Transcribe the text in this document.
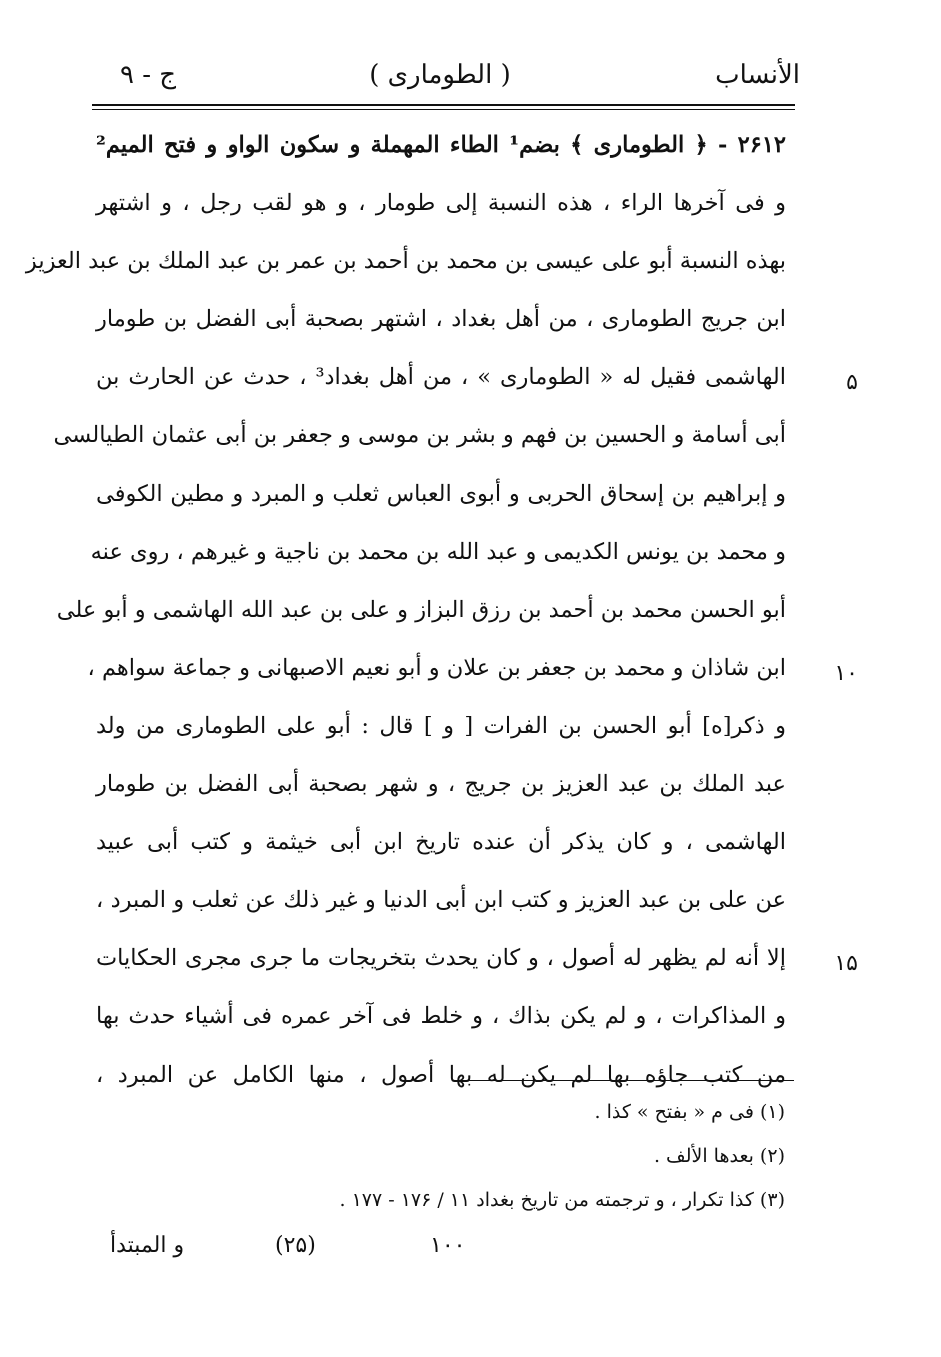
الأنساب
( الطوماری )
ج - ۹
۲۶۱۲ - ﴿ الطوماری ﴾ بضم¹ الطاء المهملة و سکون الواو و فتح المیم²
و فی آخرها الراء ، هذه النسبة إلی طومار ، و هو لقب رجل ، و اشتهر
بهذه النسبة أبو علی عیسی بن محمد بن أحمد بن عمر بن عبد الملك بن عبد العزیز
ابن جریج الطوماری ، من أهل بغداد ، اشتهر بصحبة أبی الفضل بن طومار
الهاشمی فقیل له « الطوماری » ، من أهل بغداد³ ، حدث عن الحارث بن	۵
أبی أسامة و الحسین بن فهم و بشر بن موسی و جعفر بن أبی عثمان الطیالسی
و إبراهیم بن إسحاق الحربی و أبوی العباس ثعلب و المبرد و مطین الکوفی
و محمد بن یونس الکدیمی و عبد الله بن محمد بن ناجیة و غیرهم ، روی عنه
أبو الحسن محمد بن أحمد بن رزق البزاز و علی بن عبد الله الهاشمی و أبو علی
ابن شاذان و محمد بن جعفر بن علان و أبو نعیم الاصبهانی و جماعة سواهم ، ۱۰
و ذکر[ه] أبو الحسن بن الفرات [ و ] قال : أبو علی الطوماری من ولد
عبد الملك بن عبد العزیز بن جریج ، و شهر بصحبة أبی الفضل بن طومار
الهاشمی ، و کان یذکر أن عنده تاریخ ابن أبی خیثمة و کتب أبی عبید
عن علی بن عبد العزیز و کتب ابن أبی الدنیا و غیر ذلك عن ثعلب و المبرد ،
إلا أنه لم یظهر له أصول ، و کان یحدث بتخریجات ما جری مجری الحکایات ۱۵
و المذاکرات ، و لم یکن بذاك ، و خلط فی آخر عمره فی أشیاء حدث بها
من کتب جاؤه بها لم یکن له بها أصول ، منها الکامل عن المبرد ،
(۱) فی م « بفتح » کذا .
(۲) بعدها الألف .
(۳) کذا تکرار ، و ترجمته من تاریخ بغداد ۱۱ / ۱۷۶ - ۱۷۷ .
و المبتدأ	(۲۵)	۱۰۰
